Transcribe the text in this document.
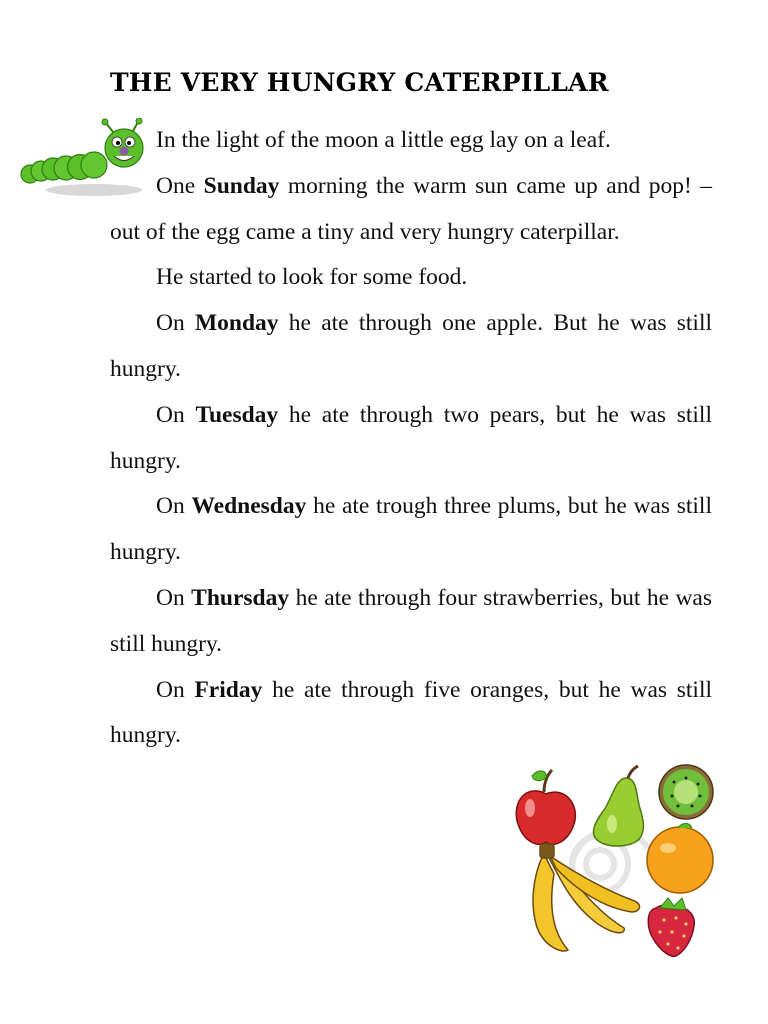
THE VERY HUNGRY CATERPILLAR

In the light of the moon a little egg lay on a leaf.

One Sunday morning the warm sun came up and pop! – out of the egg came a tiny and very hungry caterpillar.

He started to look for some food.

On Monday he ate through one apple. But he was still hungry.

On Tuesday he ate through two pears, but he was still hungry.

On Wednesday he ate trough three plums, but he was still hungry.

On Thursday he ate through four strawberries, but he was still hungry.

On Friday he ate through five oranges, but he was still hungry.
